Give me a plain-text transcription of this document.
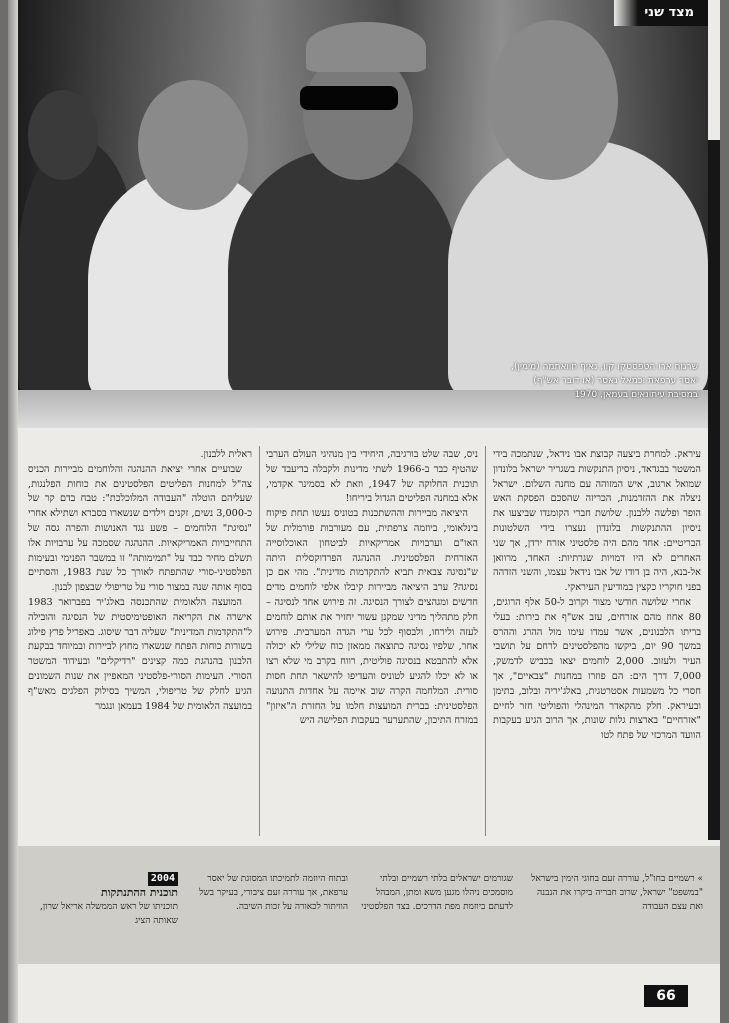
מצד שני
שרגוח ארו הטפסטקו קוו, נאיף חוואתמה (מימין),
יאסר ערפאת וכמאל נאסר (או דובר אש"ף)
במסיבת עיתונאים בעמאן, 1970

עיראק. למחרת ביצעה קבוצת אבו נידאל, שנתמכה בידי המשטר בבגדאד, ניסיון התנקשות בשגריר ישראל בלונדון שמואל ארגוב, איש המזוהה עם מחנה השלום. ישראל ניצלה את ההזדמנות, הכריזה שהסכם הפסקת האש הופר ופלשה ללבנון. שלושת חברי הקומנדו שביצעו את ניסיון ההתנקשות בלונדון נעצרו בידי השלטונות הבריטיים: אחד מהם היה פלסטיני אזרח ירדן, אך שני האחרים לא היו דמויות שגרתיות: האחד, מרוואן אל-בנא, היה בן דודו של אבו נידאל עצמו, והשני הזדהה בפני חוקריו כקצין במודיעין העיראקי.

אחרי שלושה חודשי מצור וקרוב ל-50 אלף הרוגים, 80 אחוז מהם אזרחים, עזב אש"ף את בירות: בעלי בריתו הלבנונים, אשר עמדו עימו מול ההרג וההרס במשך 90 יום, ביקשו מהפלסטינים לרחם על תושבי העיר ולעזוב. 2,000 לוחמים יצאו בכביש לדמשק, 7,000 דרך הים: הם פוזרו במחנות "צבאיים", אך חסרי כל משמעות אסטרטגית, באלג'יריה ובלוב, בתימן ובעיראק. חלק מהקאדר המינהלי והפוליטי חזר לחיים "אזרחיים" בארצות גלות שונות, אך הרוב הגיע בעקבות הוועד המרכזי של פתח לטו

ניס, שבה שלט בורגיבה, היחידי בין מנהיגי העולם הערבי שהטיף כבר ב-1966 לשתי מדינות ולקבלה בדיעבד של תוכנית החלוקה של 1947, וזאת לא בסמינר אקדמי, אלא במחנה הפליטים הגדול ביריחו!

היציאה מביירות וההשתכנות בטוניס נעשו תחת פיקוח בינלאומי, ביוזמה צרפתית, עם מעורבות פורמלית של האו"ם וערבויות אמריקאיות לביטחון האוכלוסייה האזרחית הפלסטינית. ההנהגה הפרדוקסלית היתה ש"נסיגה צבאית תביא להתקדמות מדינית". מהי אם כן נסיגה? ערב היציאה מביירות קיבלו אלפי לוחמים מדים חדשים ומגהצים לצורך הנסיגה. זה פירוש אחד לנסיגה – חלק מתהליך מדיני שמקנן עשור יחזיר את אותם לוחמים לעזה ולירחו, ולבסוף לכל ערי הגדה המערבית. פירוש אחר, שלפיו נסיגה כתוצאה ממאזן כוח שלילי לא יכולה אלא להתבטא בנסיגה פוליטית, רווח בקרב מי שלא רצו או לא יכלו להגיע לטוניס והעדיפו להישאר תחת חסות סורית. המלחמה הקרה שוב איימה על אחדות התנועה הפלסטינית: בברית המועצות חלמו על החזרת ה"איזון" במזרח התיכון, שהתערער בעקבות הפלישה היש

ראלית ללבנון.

שבועיים אחרי יציאת ההנהגה והלוחמים מביירות הכניס צה"ל למחנות הפליטים הפלסטינים את כוחות הפלנגות, שעליהם הוטלה "העבודה המלוכלכת": טבח בדם קר של כ-3,000 נשים, זקנים וילדים שנשארו בסברא ושתילא אחרי "נסיגת" הלוחמים – פשע נגד האנושות והפרה גסה של התחייבויות האמריקאיות. ההנהגה שסמכה על ערבויות אלו תשלם מחיר כבד על "תמימותה" זו במשבר הפנימי ובעימות הפלסטיני-סורי שהתפתח לאורך כל שנת 1983, והסתיים בסוף אותה שנה במצור סורי על טריפולי שבצפון לבנון.

המועצה הלאומית שהתכנסה באלג'יר בפברואר 1983 אישרה את הקריאה האופטימיסטית של הנסיגה והובילה ל"התקדמות המדינית" שעליה דבר שיסוג. באפריל פרץ פילוג בשורות כוחות הפתח שנשארו מחוץ לביירות ובמיוחד בבקעת הלבנון בהנהגת כמה קצינים "רדיקלים" ובעידוד המשטר הסורי. העימות הסורי-פלסטיני המאפיין את שנות השמונים הגיע לחלק של טריפולי, המשיך בסילוק הפלגים מאש"ף במועצה הלאומית של 1984 בעמאן ונגמר

» רשמיים בחו"ל, עוררה זעם בחוגי הימין בישראל "במשפט" ישראל, שרוב חבריה ביקרו את הנבנה ואת עצם העבודה
שגורמים ישראלים בלתי רשמיים ובלתי מוסמכים ניהלו מגען משא ומתן, המבהל לדעתם ביוזמת מפת הדרכים. בצד הפלסטיני
ובתוח היוזמה לתמיכתו המסוגת של יאסר ערפאת, אך עוררה זעם ציבורי, בעיקר בשל הוויתור לכאורה על זכות השיבה.
2004
תוכנית ההתנתקות
תוכניתו של ראש הממשלה אריאל שרון, שאותה הציג
66
